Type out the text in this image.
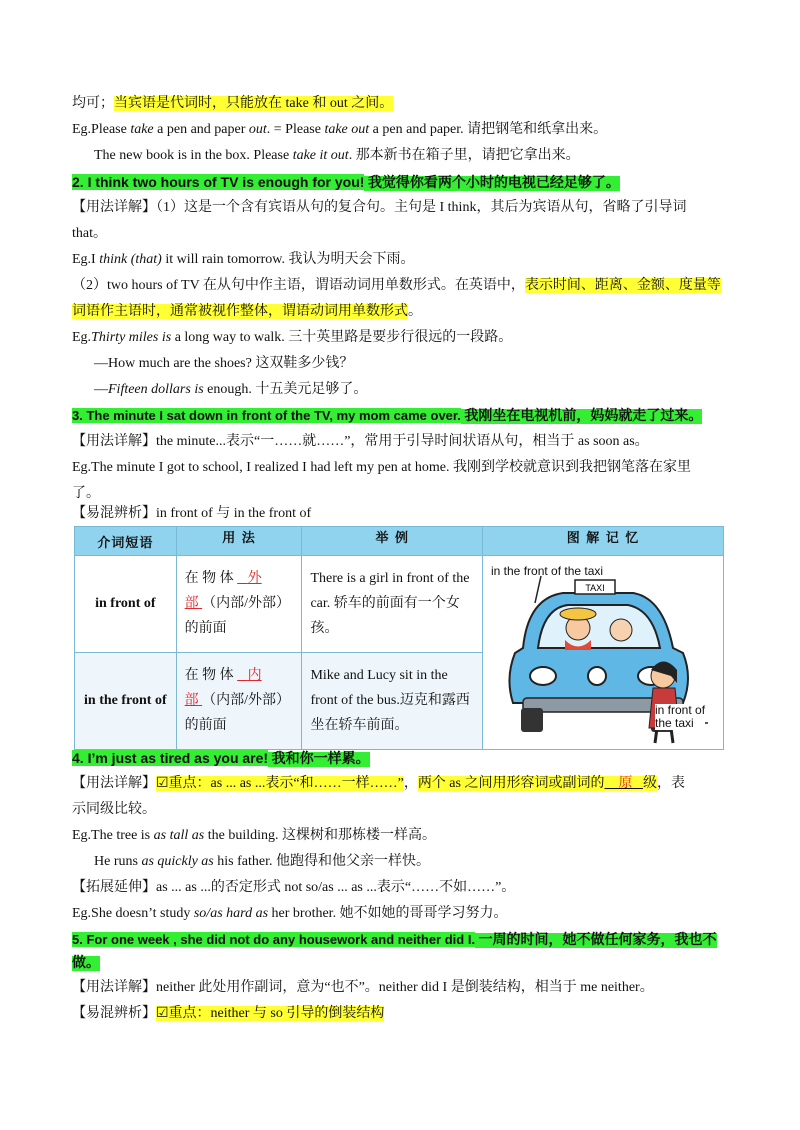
均可；当宾语是代词时，只能放在 take 和 out 之间。
Eg.Please take a pen and paper out. = Please take out a pen and paper. 请把钢笔和纸拿出来。
The new book is in the box. Please take it out. 那本新书在箱子里，请把它拿出来。
2. I think two hours of TV is enough for you! 我觉得你看两个小时的电视已经足够了。
【用法详解】（1）这是一个含有宾语从句的复合句。主句是 I think，其后为宾语从句，省略了引导词
that。
Eg.I think (that) it will rain tomorrow. 我认为明天会下雨。
（2）two hours of TV 在从句中作主语，谓语动词用单数形式。在英语中，表示时间、距离、金额、度量等
词语作主语时，通常被视作整体，谓语动词用单数形式。
Eg.Thirty miles is a long way to walk. 三十英里路是要步行很远的一段路。
—How much are the shoes? 这双鞋多少钱？
—Fifteen dollars is enough. 十五美元足够了。
3. The minute I sat down in front of the TV, my mom came over. 我刚坐在电视机前，妈妈就走了过来。
【用法详解】the minute...表示“一……就……”，常用于引导时间状语从句，相当于 as soon as。
Eg.The minute I got to school, I realized I had left my pen at home. 我刚到学校就意识到我把钢笔落在家里
了。
【易混辨析】in front of 与 in the front of
介词短语	用 法	举 例	图 解 记 忆
in front of	在 物 体    外 部 （内部/外部）的前面	There is a girl in front of the car. 轿车的前面有一个女孩。	TAXI
in the front of the taxi
in front of
the taxi

in the front of	在 物 体    内 部 （内部/外部）的前面	Mike and Lucy sit in the front of the bus.迈克和露西坐在轿车前面。	
4. I’m just as tired as you are! 我和你一样累。
【用法详解】☑重点：as ... as ...表示“和……一样……”，两个 as 之间用形容词或副词的 原 级，表
示同级比较。
Eg.The tree is as tall as the building. 这棵树和那栋楼一样高。
He runs as quickly as his father. 他跑得和他父亲一样快。
【拓展延伸】as ... as ...的否定形式 not so/as ... as ...表示“……不如……”。
Eg.She doesn’t study so/as hard as her brother. 她不如她的哥哥学习努力。
5. For one week , she did not do any housework and neither did I. 一周的时间，她不做任何家务，我也不
做。
【用法详解】neither 此处用作副词，意为“也不”。neither did I 是倒装结构，相当于 me neither。
【易混辨析】☑重点：neither 与 so 引导的倒装结构
